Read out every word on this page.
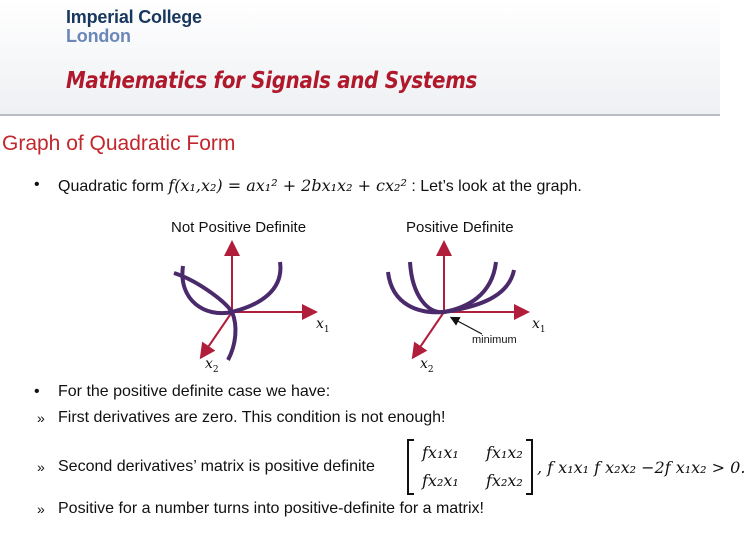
Imperial College
London
Mathematics for Signals and Systems
Graph of Quadratic Form
• Quadratic form f(x₁,x₂) = ax₁² + 2bx₁x₂ + cx₂² : Let’s look at the graph.
Not Positive Definite	Positive Definite
$x_1$
$x_2$
$x_1$
$x_2$
minimum
• For the positive definite case we have:
» First derivatives are zero. This condition is not enough!
» Second derivatives’ matrix is positive definite
fx₁x₁ fx₁x₂
fx₂x₁ fx₂x₂
, f x₁x₁ f x₂x₂ −2f x₁x₂ > 0.
» Positive for a number turns into positive-definite for a matrix!
